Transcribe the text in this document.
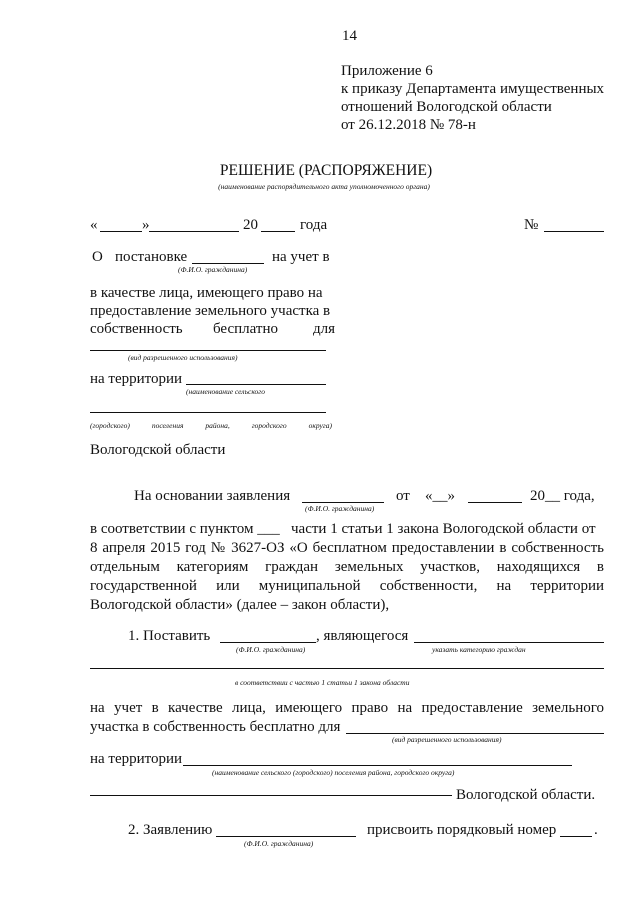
14
Приложение 6
к приказу Департамента имущественных
отношений Вологодской области
от 26.12.2018 № 78-н
РЕШЕНИЕ (РАСПОРЯЖЕНИЕ)
(наименование распорядительного акта уполномоченного органа)
«	»	20	года	№
О постановке	на учет в
(Ф.И.О. гражданина)
в качестве лица, имеющего право на
предоставление земельного участка в
собственность бесплатно для
(вид разрешенного использования)
на территории
(наименование сельского
(городского)	поселения	района,	городского	округа)
Вологодской области
На основании заявления
(Ф.И.О. гражданина)
от «__»	20__ года,
в соответствии с пунктом ___ части 1 статьи 1 закона Вологодской области от
8 апреля 2015 год № 3627-ОЗ «О бесплатном предоставлении в собственность
отдельным категориям граждан земельных участков, находящихся в
государственной или муниципальной собственности, на территории
Вологодской области» (далее – закон области),
1. Поставить
(Ф.И.О. гражданина)
, являющегося
указать категорию граждан
в соответствии с частью 1 статьи 1 закона области
на учет в качестве лица, имеющего право на предоставление земельного
участка в собственность бесплатно для
(вид разрешенного использования)
на территории
(наименование сельского (городского) поселения района, городского округа)
Вологодской области.
2. Заявлению
(Ф.И.О. гражданина)
присвоить порядковый номер	.
